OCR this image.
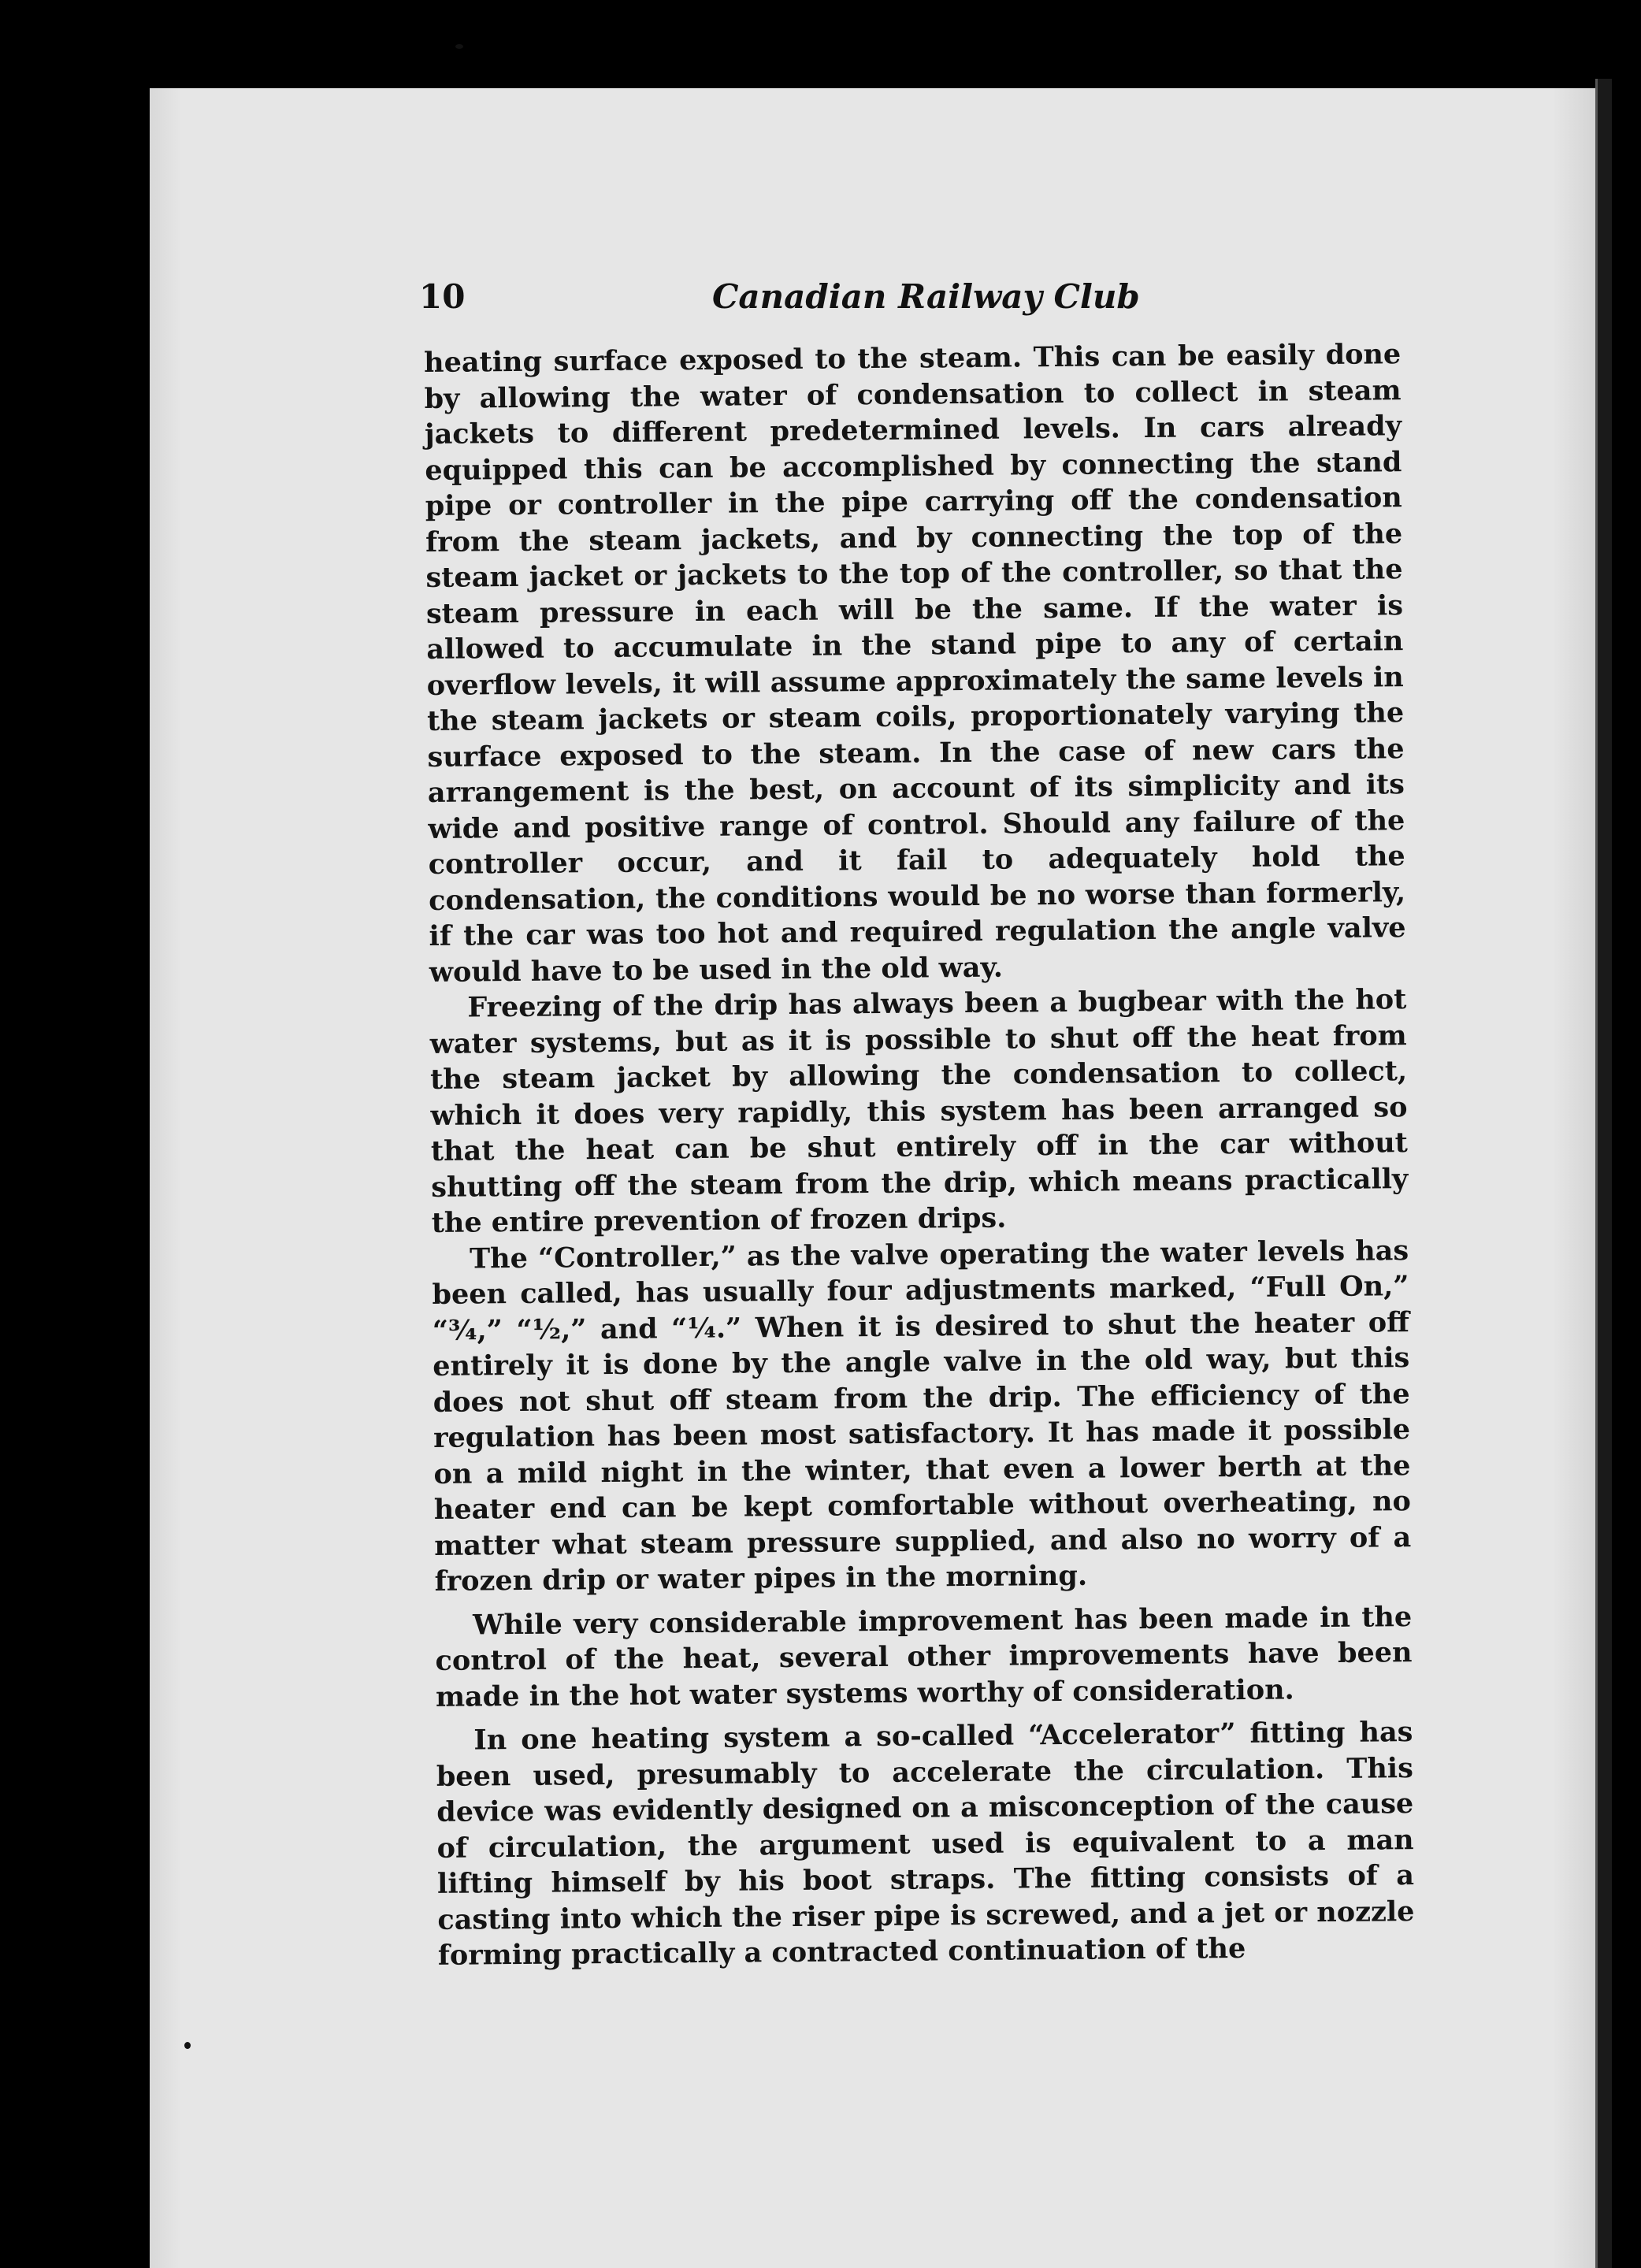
10	Canadian Railway Club

heating surface exposed to the steam. This can be easily done by allowing the water of condensation to collect in steam jackets to different predetermined levels. In cars already equipped this can be accomplished by connecting the stand pipe or controller in the pipe carrying off the condensation from the steam jackets, and by connecting the top of the steam jacket or jackets to the top of the controller, so that the steam pressure in each will be the same. If the water is allowed to accumulate in the stand pipe to any of certain overflow levels, it will assume approximately the same levels in the steam jackets or steam coils, proportionately varying the surface exposed to the steam. In the case of new cars the arrangement is the best, on account of its simplicity and its wide and positive range of control. Should any failure of the controller occur, and it fail to adequately hold the condensation, the conditions would be no worse than formerly, if the car was too hot and required regulation the angle valve would have to be used in the old way.

Freezing of the drip has always been a bugbear with the hot water systems, but as it is possible to shut off the heat from the steam jacket by allowing the condensation to collect, which it does very rapidly, this system has been arranged so that the heat can be shut entirely off in the car without shutting off the steam from the drip, which means practically the entire prevention of frozen drips.

The “Controller,” as the valve operating the water levels has been called, has usually four adjustments marked, “Full On,” “¾,” “½,” and “¼.” When it is desired to shut the heater off entirely it is done by the angle valve in the old way, but this does not shut off steam from the drip. The efficiency of the regulation has been most satisfactory. It has made it possible on a mild night in the winter, that even a lower berth at the heater end can be kept comfortable without overheating, no matter what steam pressure supplied, and also no worry of a frozen drip or water pipes in the morning.

While very considerable improvement has been made in the control of the heat, several other improvements have been made in the hot water systems worthy of consideration.

In one heating system a so-called “Accelerator” fitting has been used, presumably to accelerate the circulation. This device was evidently designed on a misconception of the cause of circulation, the argument used is equivalent to a man lifting himself by his boot straps. The fitting consists of a casting into which the riser pipe is screwed, and a jet or nozzle forming practically a contracted continuation of the
